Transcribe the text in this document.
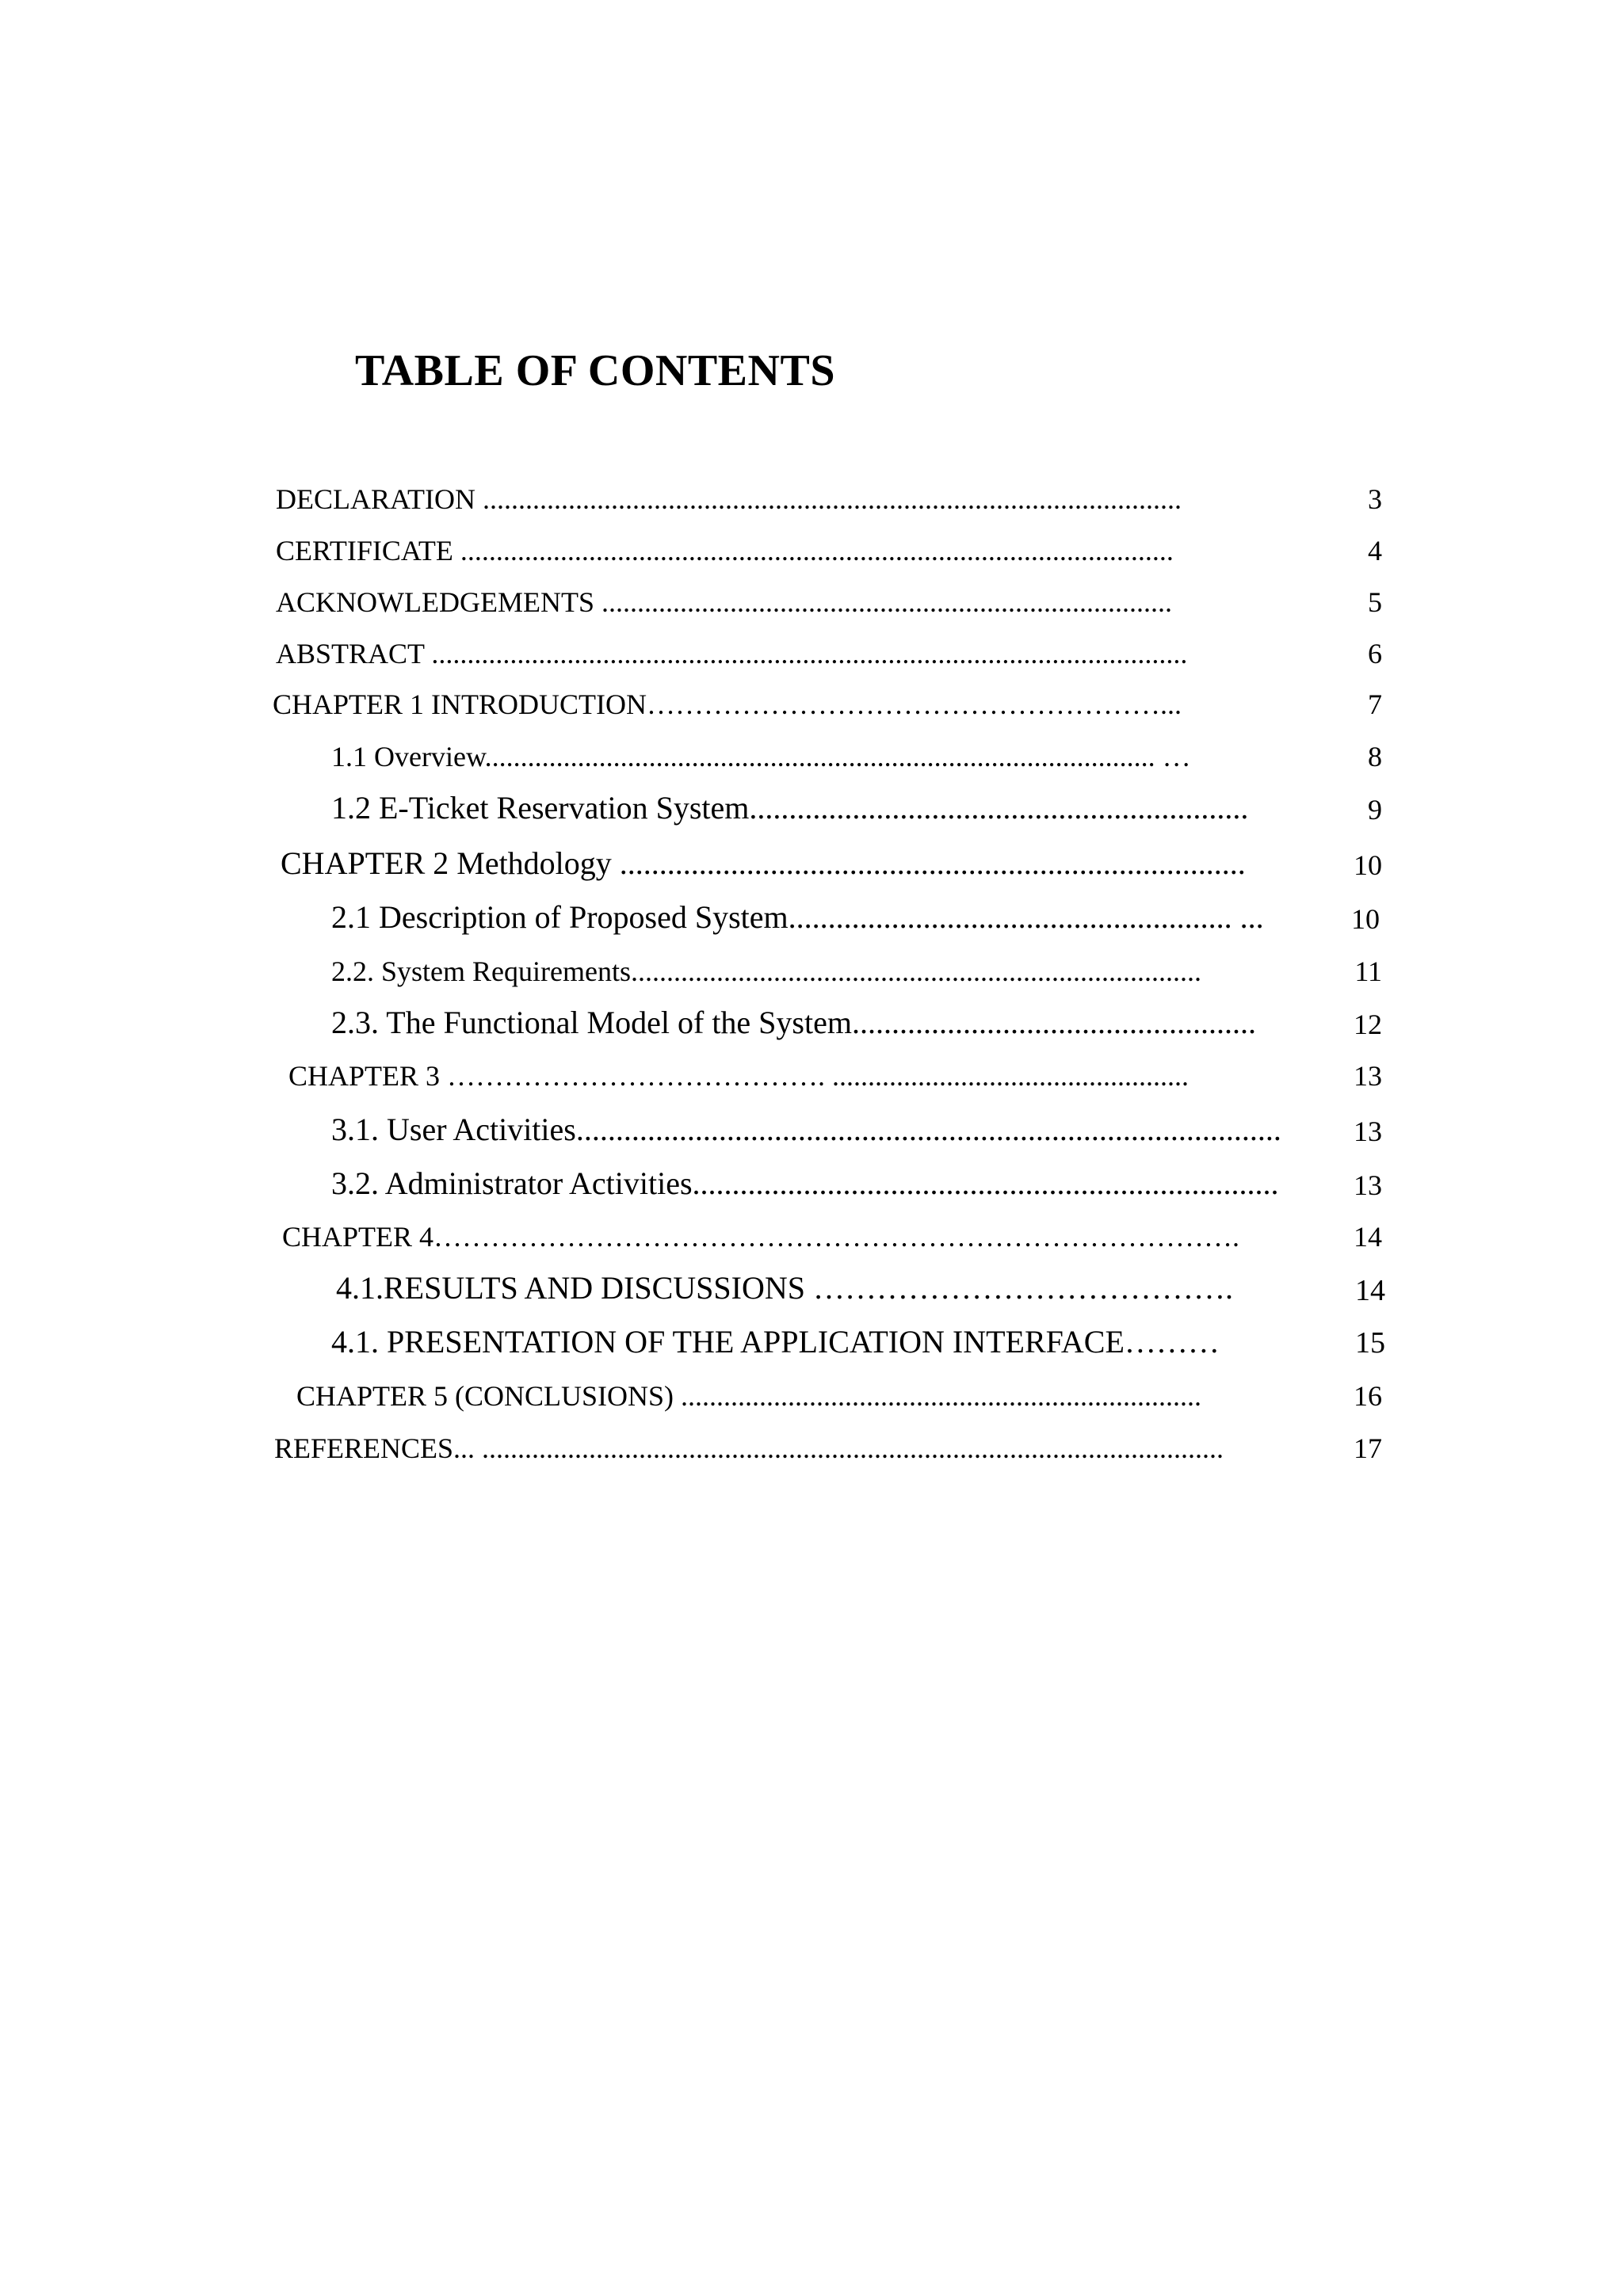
TABLE OF CONTENTS
DECLARATION ..................................................................................................	3
CERTIFICATE ....................................................................................................	4
ACKNOWLEDGEMENTS ................................................................................	5
ABSTRACT ..........................................................................................................	6
CHAPTER 1 INTRODUCTION………………………………………………...	7
1.1 Overview.............................................................................................. …	8
1.2 E-Ticket Reservation System...............................................................	9
CHAPTER 2 Methdology ...............................................................................	10
2.1 Description of Proposed System........................................................ ...	10
2.2. System Requirements................................................................................	11
2.3. The Functional Model of the System...................................................	12
CHAPTER 3 …………………………………. ..................................................	13
3.1. User Activities.........................................................................................	13
3.2. Administrator Activities..........................................................................	13
CHAPTER 4………………………………………………………………………….	14
4.1.RESULTS AND DISCUSSIONS ………………………………….	14
4.1. PRESENTATION OF THE APPLICATION INTERFACE………	15
CHAPTER 5 (CONCLUSIONS) .........................................................................	16
REFERENCES... ........................................................................................................	17
